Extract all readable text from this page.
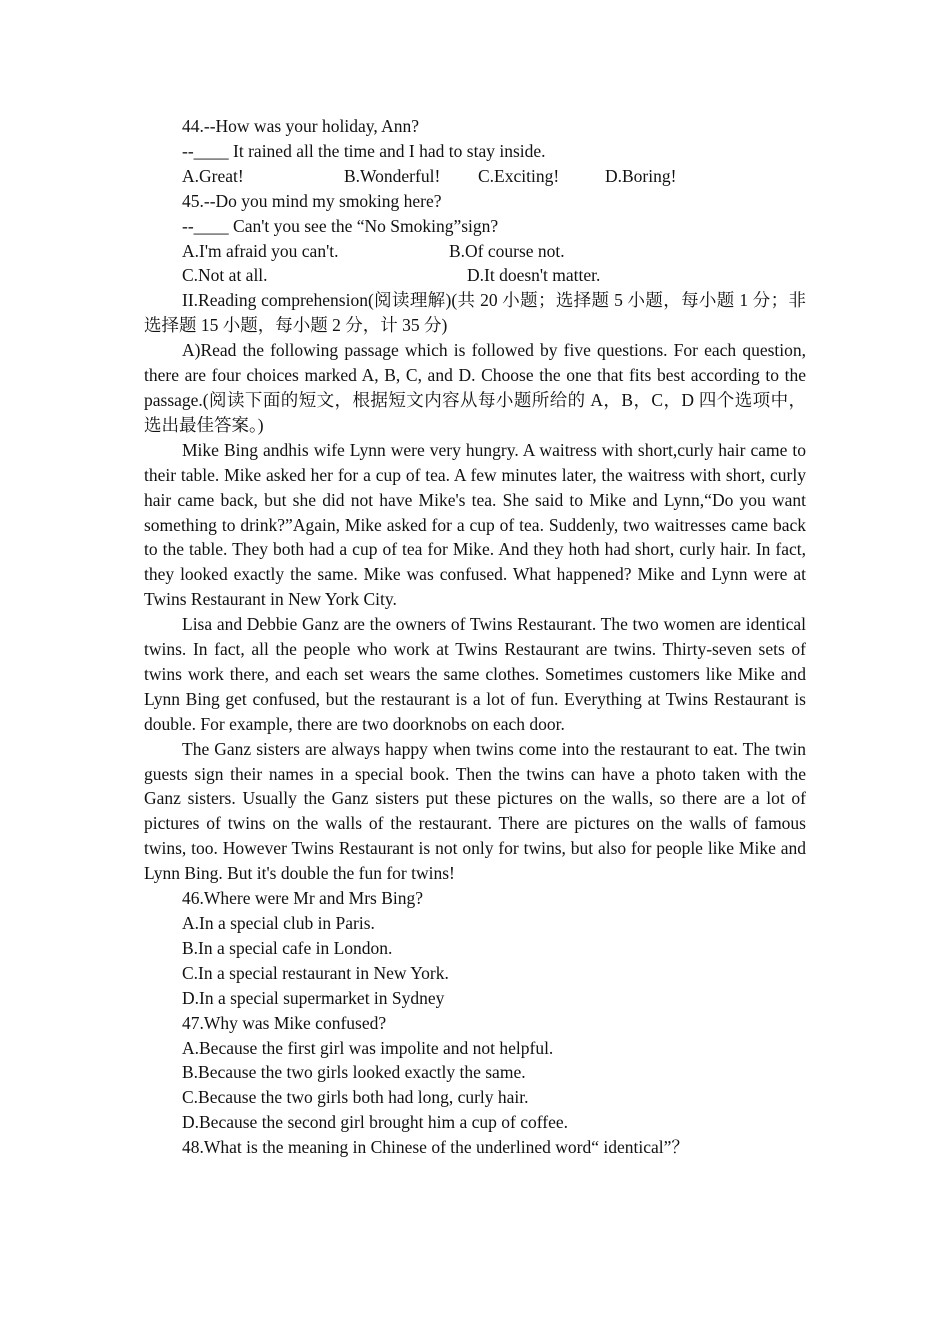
44.--How was your holiday, Ann?
--____ It rained all the time and I had to stay inside.
A.Great!	B.Wonderful!	C.Exciting!	D.Boring!
45.--Do you mind my smoking here?
--____ Can't you see the “No Smoking”sign?
A.I'm afraid you can't.	B.Of course not.
C.Not at all.	D.It doesn't matter.

II.Reading comprehension(阅读理解)(共 20 小题；选择题 5 小题，每小题 1 分；非选择题 15 小题，每小题 2 分，计 35 分)

A)Read the following passage which is followed by five questions. For each question, there are four choices marked A, B, C, and D. Choose the one that fits best according to the passage.(阅读下面的短文，根据短文内容从每小题所给的 A，B，C，D 四个选项中，选出最佳答案。)

Mike Bing andhis wife Lynn were very hungry. A waitress with short,curly hair came to their table. Mike asked her for a cup of tea. A few minutes later, the waitress with short, curly hair came back, but she did not have Mike's tea. She said to Mike and Lynn,“Do you want something to drink?”Again, Mike asked for a cup of tea. Suddenly, two waitresses came back to the table. They both had a cup of tea for Mike. And they hoth had short, curly hair. In fact, they looked exactly the same. Mike was confused. What happened? Mike and Lynn were at Twins Restaurant in New York City.

Lisa and Debbie Ganz are the owners of Twins Restaurant. The two women are identical twins. In fact, all the people who work at Twins Restaurant are twins. Thirty-seven sets of twins work there, and each set wears the same clothes. Sometimes customers like Mike and Lynn Bing get confused, but the restaurant is a lot of fun. Everything at Twins Restaurant is double. For example, there are two doorknobs on each door.

The Ganz sisters are always happy when twins come into the restaurant to eat. The twin guests sign their names in a special book. Then the twins can have a photo taken with the Ganz sisters. Usually the Ganz sisters put these pictures on the walls, so there are a lot of pictures of twins on the walls of the restaurant. There are pictures on the walls of famous twins, too. However Twins Restaurant is not only for twins, but also for people like Mike and Lynn Bing. But it's double the fun for twins!

46.Where were Mr and Mrs Bing?
A.In a special club in Paris.
B.In a special cafe in London.
C.In a special restaurant in New York.
D.In a special supermarket in Sydney
47.Why was Mike confused?
A.Because the first girl was impolite and not helpful.
B.Because the two girls looked exactly the same.
C.Because the two girls both had long, curly hair.
D.Because the second girl brought him a cup of coffee.
48.What is the meaning in Chinese of the underlined word“ identical”？
